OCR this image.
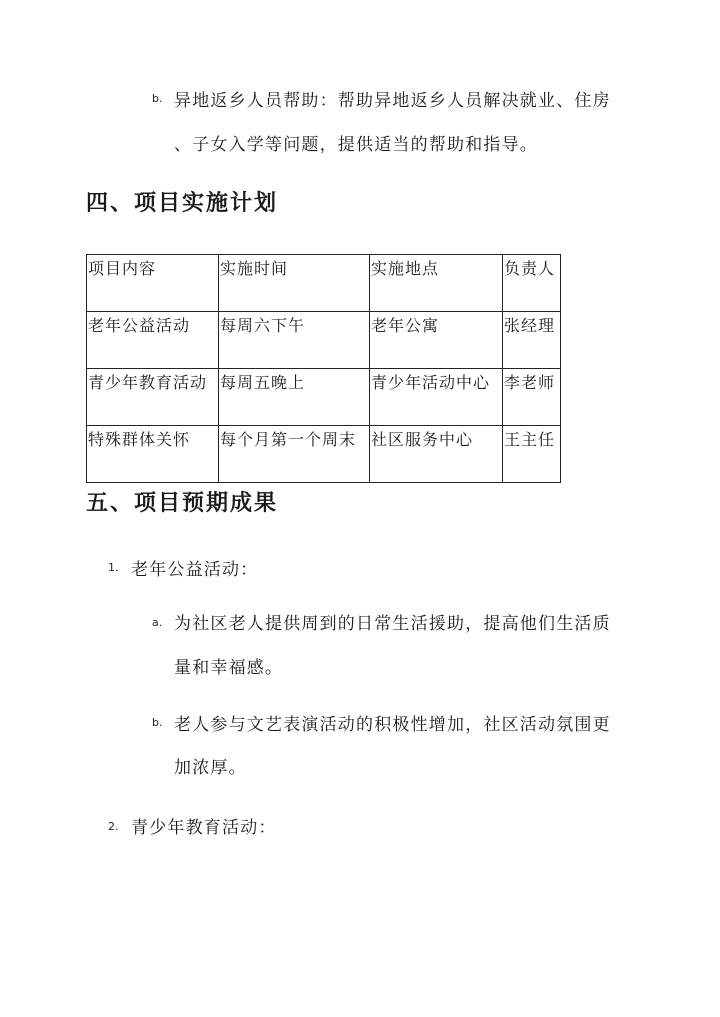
b. 异地返乡人员帮助：帮助异地返乡人员解决就业、住房
、子女入学等问题，提供适当的帮助和指导。
四、项目实施计划
项目内容	实施时间	实施地点	负责人
老年公益活动	每周六下午	老年公寓	张经理
青少年教育活动	每周五晚上	青少年活动中心	李老师
特殊群体关怀	每个月第一个周末	社区服务中心	王主任
五、项目预期成果
1. 老年公益活动：
a. 为社区老人提供周到的日常生活援助，提高他们生活质
量和幸福感。
b. 老人参与文艺表演活动的积极性增加，社区活动氛围更
加浓厚。
2. 青少年教育活动：
